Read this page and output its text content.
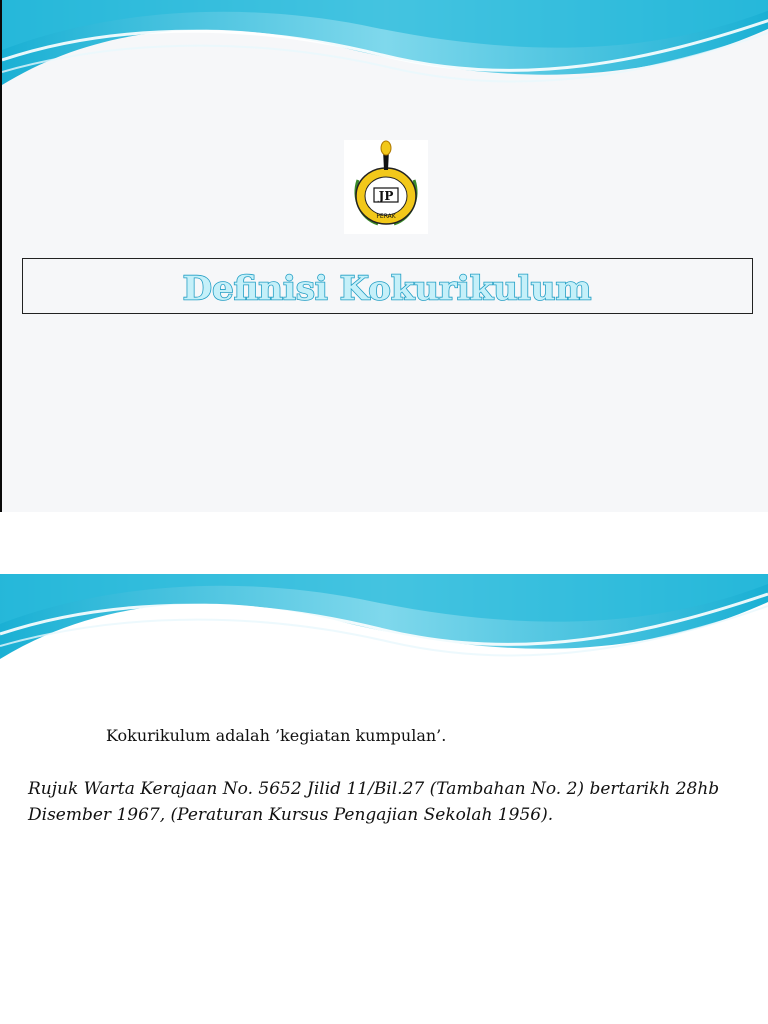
JP
PERAK
Definisi Kokurikulum
Kokurikulum adalah ’kegiatan kumpulan’.
Rujuk Warta Kerajaan No. 5652 Jilid 11/Bil.27 (Tambahan No. 2) bertarikh 28hb
Disember 1967, (Peraturan Kursus Pengajian Sekolah 1956).
